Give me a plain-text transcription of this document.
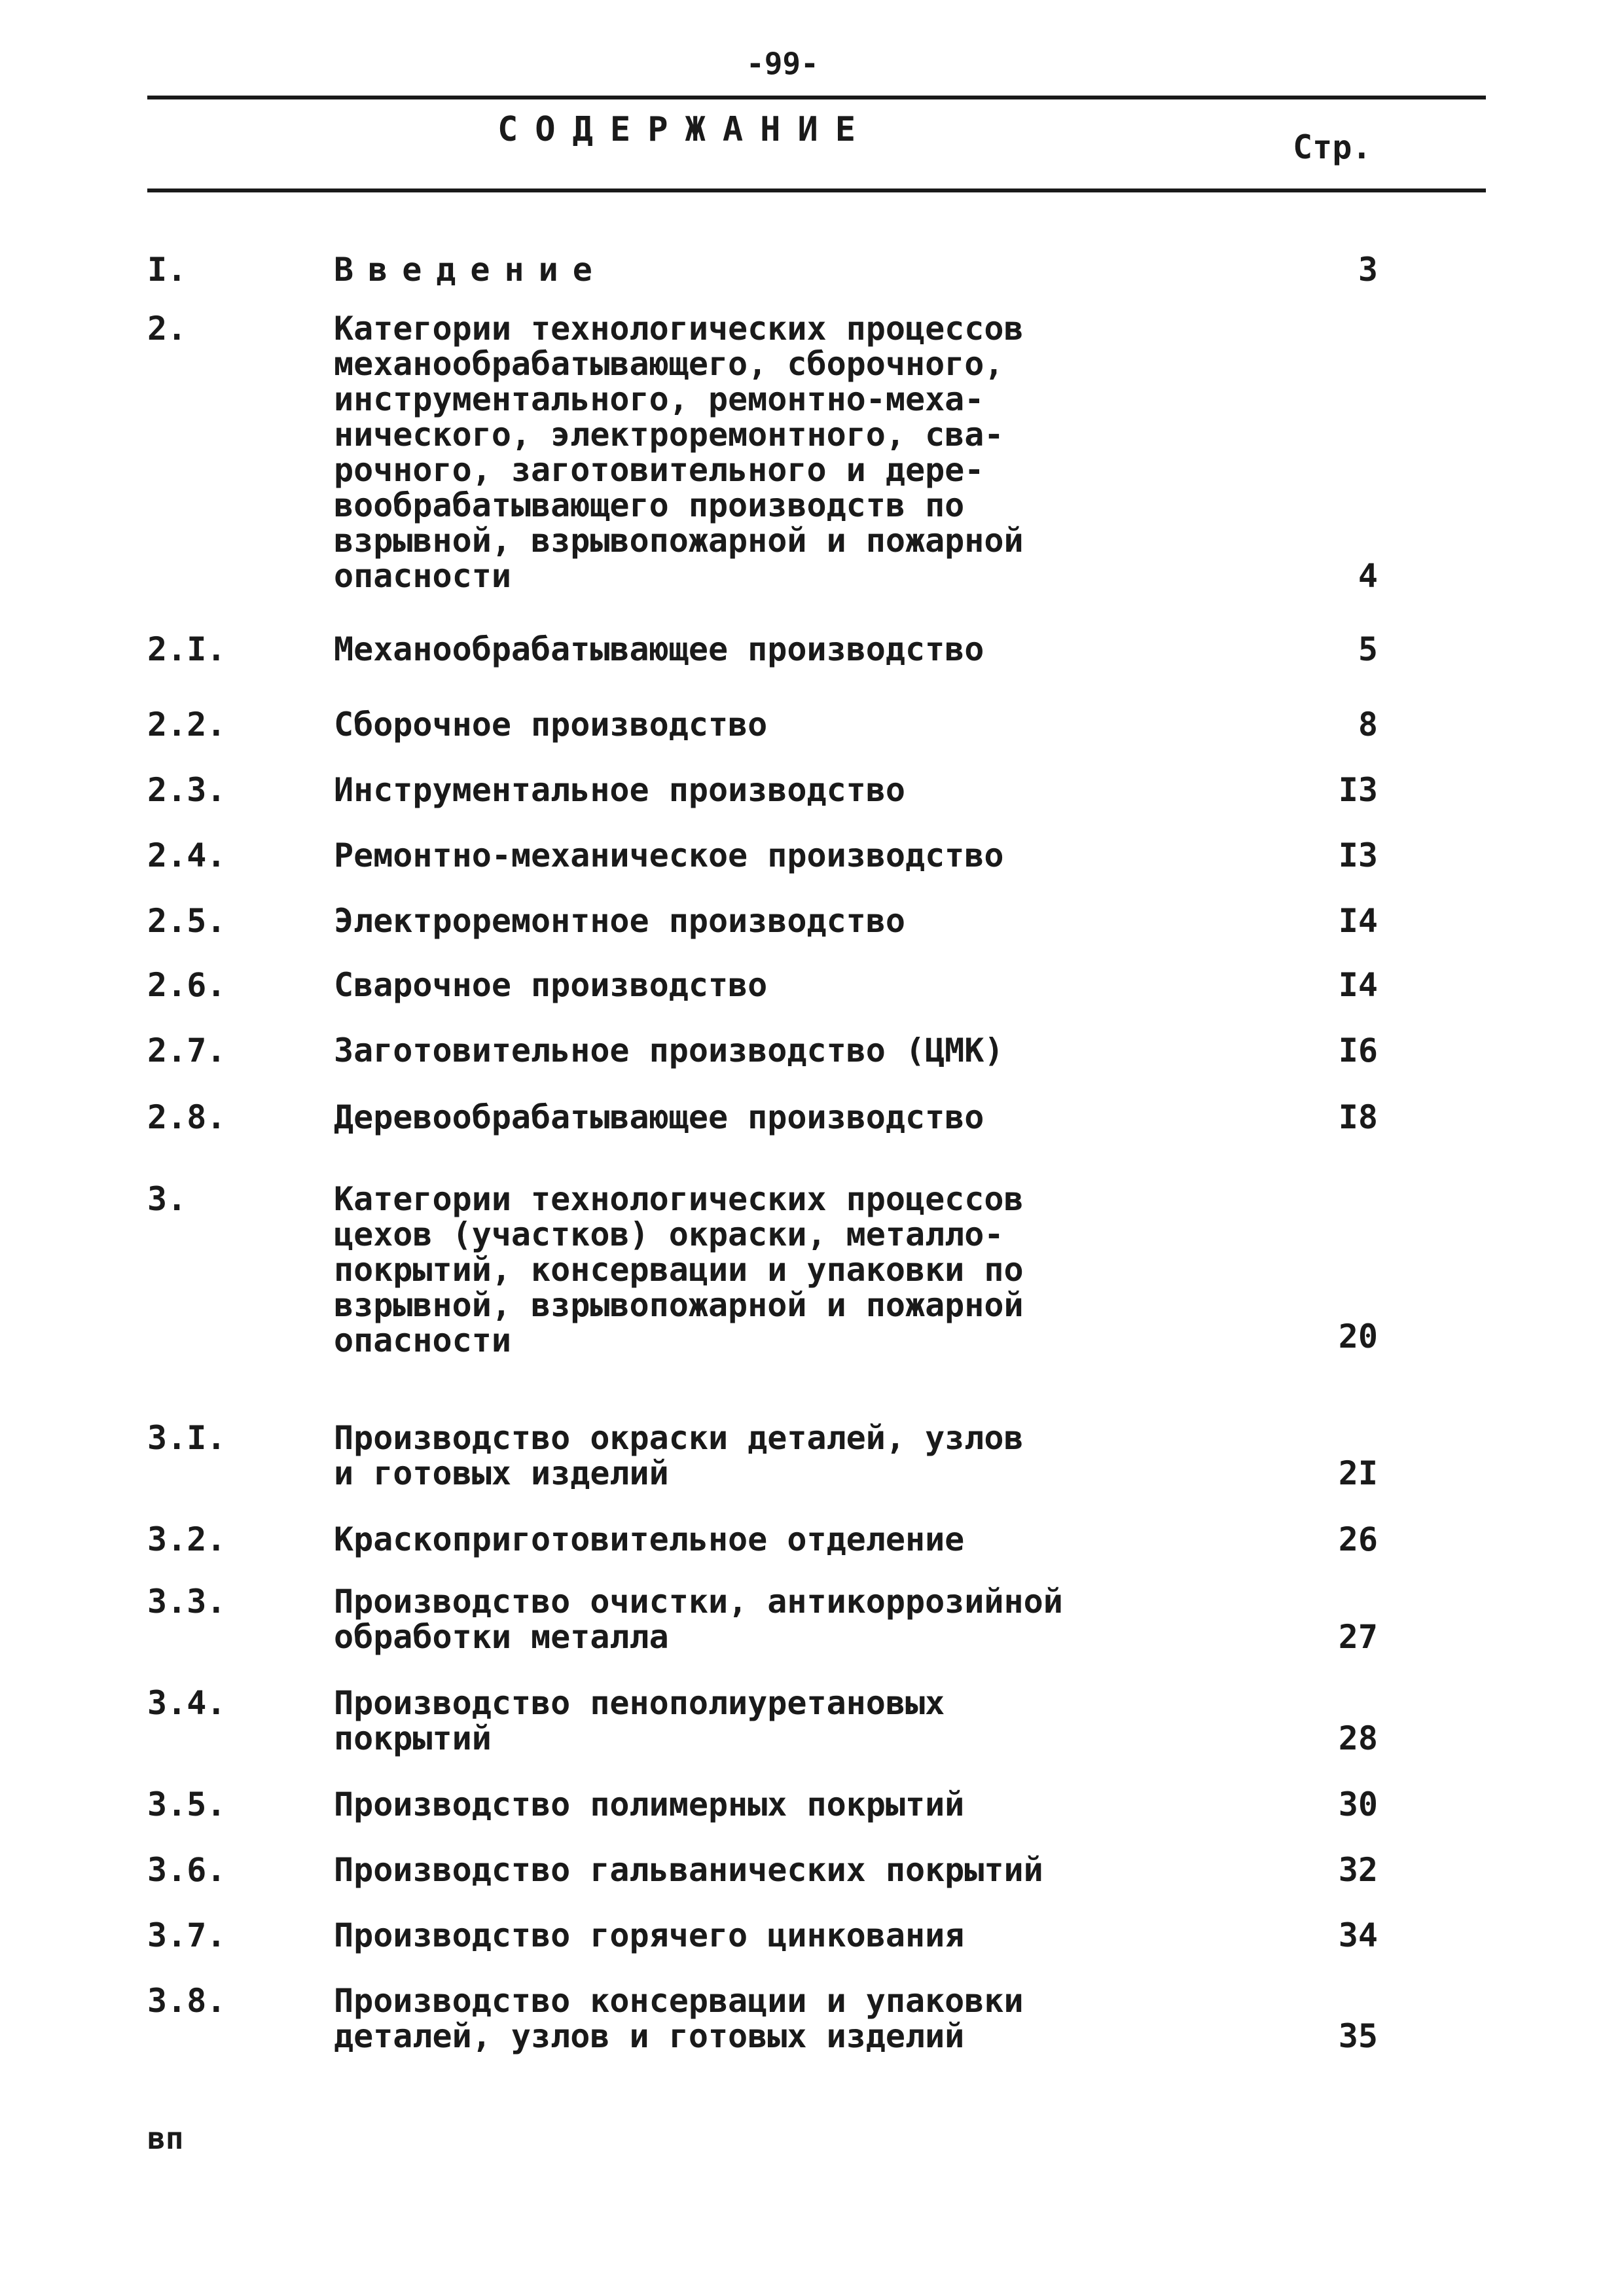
-99-
СОДЕРЖАНИЕ	Стр.
I.	Введение	3
2.	Категории технологических процессов
механообрабатывающего, сборочного,
инструментального, ремонтно-меха-
нического, электроремонтного, сва-
рочного, заготовительного и дере-
вообрабатывающего производств по
взрывной, взрывопожарной и пожарной
опасности	4
2.I.	Механообрабатывающее производство	5
2.2.	Сборочное производство	8
2.3.	Инструментальное производство	I3
2.4.	Ремонтно-механическое производство	I3
2.5.	Электроремонтное производство	I4
2.6.	Сварочное производство	I4
2.7.	Заготовительное производство (ЦМК)	I6
2.8.	Деревообрабатывающее производство	I8
3.	Категории технологических процессов
цехов (участков) окраски, металло-
покрытий, консервации и упаковки по
взрывной, взрывопожарной и пожарной
опасности	20
3.I.	Производство окраски деталей, узлов
и готовых изделий	2I
3.2.	Краскоприготовительное отделение	26
3.3.	Производство очистки, антикоррозийной
обработки металла	27
3.4.	Производство пенополиуретановых
покрытий	28
3.5.	Производство полимерных покрытий	30
3.6.	Производство гальванических покрытий	32
3.7.	Производство горячего цинкования	34
3.8.	Производство консервации и упаковки
деталей, узлов и готовых изделий	35
вп
